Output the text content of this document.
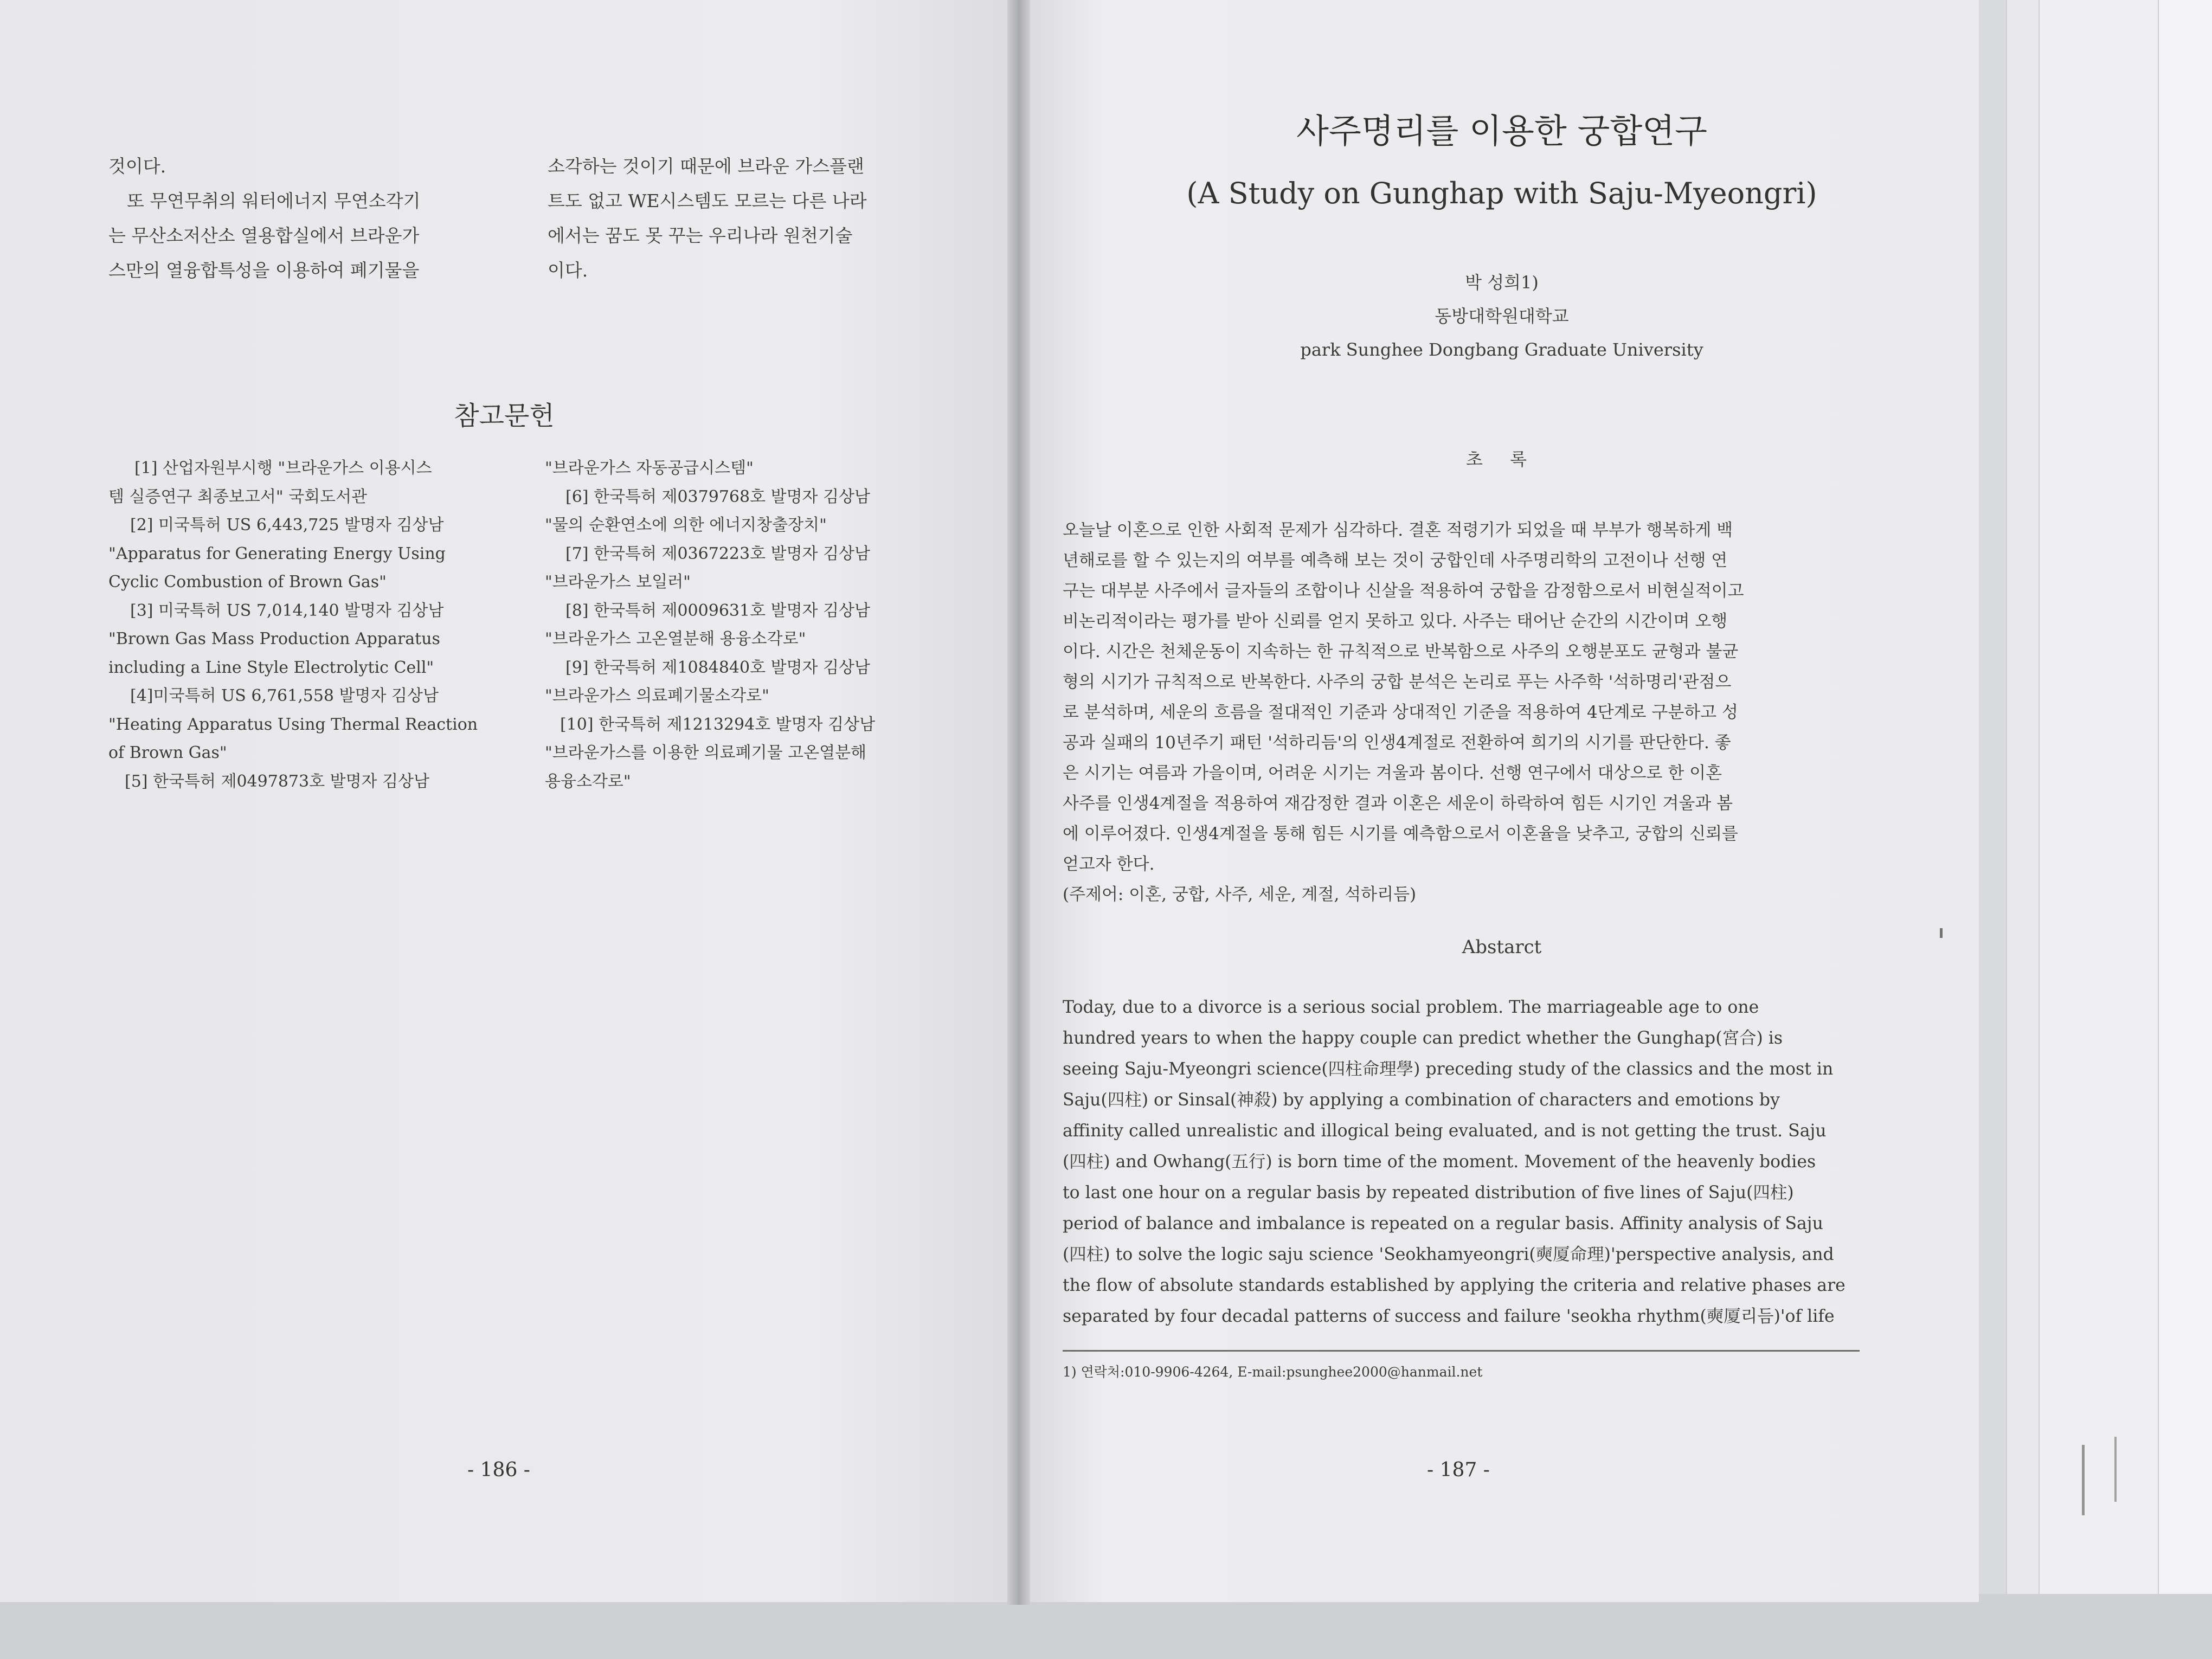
것이다.
또 무연무취의 워터에너지 무연소각기
는 무산소저산소 열용합실에서 브라운가
스만의 열융합특성을 이용하여 폐기물을
소각하는 것이기 때문에 브라운 가스플랜
트도 없고 WE시스템도 모르는 다른 나라
에서는 꿈도 못 꾸는 우리나라 원천기술
이다.
참고문헌

[1] 산업자원부시행 "브라운가스 이용시스

템 실증연구 최종보고서" 국회도서관

[2] 미국특허 US 6,443,725 발명자 김상남

"Apparatus for Generating Energy Using

Cyclic Combustion of Brown Gas"

[3] 미국특허 US 7,014,140 발명자 김상남

"Brown Gas Mass Production Apparatus

including a Line Style Electrolytic Cell"

[4]미국특허 US 6,761,558 발명자 김상남

"Heating Apparatus Using Thermal Reaction

of Brown Gas"

[5] 한국특허 제0497873호 발명자 김상남

"브라운가스 자동공급시스템"

[6] 한국특허 제0379768호 발명자 김상남

"물의 순환연소에 의한 에너지창출장치"

[7] 한국특허 제0367223호 발명자 김상남

"브라운가스 보일러"

[8] 한국특허 제0009631호 발명자 김상남

"브라운가스 고온열분해 용융소각로"

[9] 한국특허 제1084840호 발명자 김상남

"브라운가스 의료폐기물소각로"

[10] 한국특허 제1213294호 발명자 김상남

"브라운가스를 이용한 의료폐기물 고온열분해

용융소각로"

- 186 -
사주명리를 이용한 궁합연구
(A Study on Gunghap with Saju-Myeongri)
박 성희1)
동방대학원대학교
park Sunghee Dongbang Graduate University
초 록
오늘날 이혼으로 인한 사회적 문제가 심각하다. 결혼 적령기가 되었을 때 부부가 행복하게 백
년해로를 할 수 있는지의 여부를 예측해 보는 것이 궁합인데 사주명리학의 고전이나 선행 연
구는 대부분 사주에서 글자들의 조합이나 신살을 적용하여 궁합을 감정함으로서 비현실적이고
비논리적이라는 평가를 받아 신뢰를 얻지 못하고 있다. 사주는 태어난 순간의 시간이며 오행
이다. 시간은 천체운동이 지속하는 한 규칙적으로 반복함으로 사주의 오행분포도 균형과 불균
형의 시기가 규칙적으로 반복한다. 사주의 궁합 분석은 논리로 푸는 사주학 '석하명리'관점으
로 분석하며, 세운의 흐름을 절대적인 기준과 상대적인 기준을 적용하여 4단계로 구분하고 성
공과 실패의 10년주기 패턴 '석하리듬'의 인생4계절로 전환하여 희기의 시기를 판단한다. 좋
은 시기는 여름과 가을이며, 어려운 시기는 겨울과 봄이다. 선행 연구에서 대상으로 한 이혼
사주를 인생4계절을 적용하여 재감정한 결과 이혼은 세운이 하락하여 힘든 시기인 겨울과 봄
에 이루어졌다. 인생4계절을 통해 힘든 시기를 예측함으로서 이혼율을 낮추고, 궁합의 신뢰를
얻고자 한다.
(주제어: 이혼, 궁합, 사주, 세운, 계절, 석하리듬)
Abstarct
Today, due to a divorce is a serious social problem. The marriageable age to one
hundred years to when the happy couple can predict whether the Gunghap(宮合) is
seeing Saju-Myeongri science(四柱命理學) preceding study of the classics and the most in
Saju(四柱) or Sinsal(神殺) by applying a combination of characters and emotions by
affinity called unrealistic and illogical being evaluated, and is not getting the trust. Saju
(四柱) and Owhang(五行) is born time of the moment. Movement of the heavenly bodies
to last one hour on a regular basis by repeated distribution of five lines of Saju(四柱)
period of balance and imbalance is repeated on a regular basis. Affinity analysis of Saju
(四柱) to solve the logic saju science 'Seokhamyeongri(奭厦命理)'perspective analysis, and
the flow of absolute standards established by applying the criteria and relative phases are
separated by four decadal patterns of success and failure 'seokha rhythm(奭厦리듬)'of life
1) 연락처:010-9906-4264, E-mail:psunghee2000@hanmail.net
- 187 -
